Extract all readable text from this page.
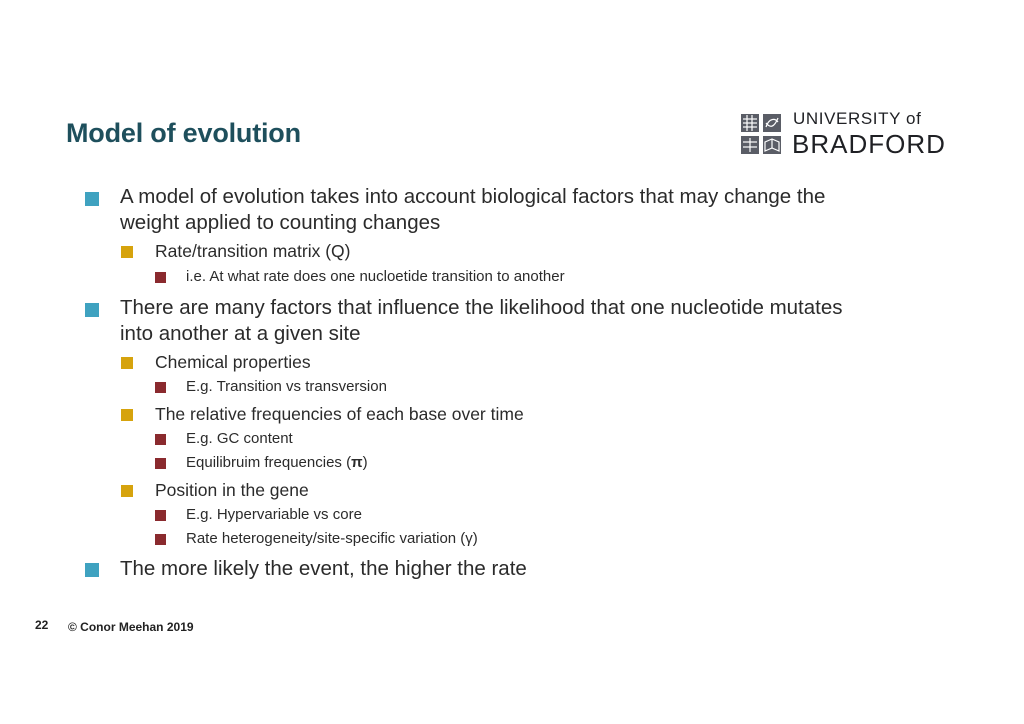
Model of evolution	UNIVERSITY of
BRADFORD
A model of evolution takes into account biological factors that may change the
weight applied to counting changes
Rate/transition matrix (Q)
i.e. At what rate does one nucloetide transition to another
There are many factors that influence the likelihood that one nucleotide mutates
into another at a given site
Chemical properties
E.g. Transition vs transversion
The relative frequencies of each base over time
E.g. GC content
Equilibruim frequencies (π)
Position in the gene
E.g. Hypervariable vs core
Rate heterogeneity/site-specific variation (γ)
The more likely the event, the higher the rate
22 © Conor Meehan 2019
